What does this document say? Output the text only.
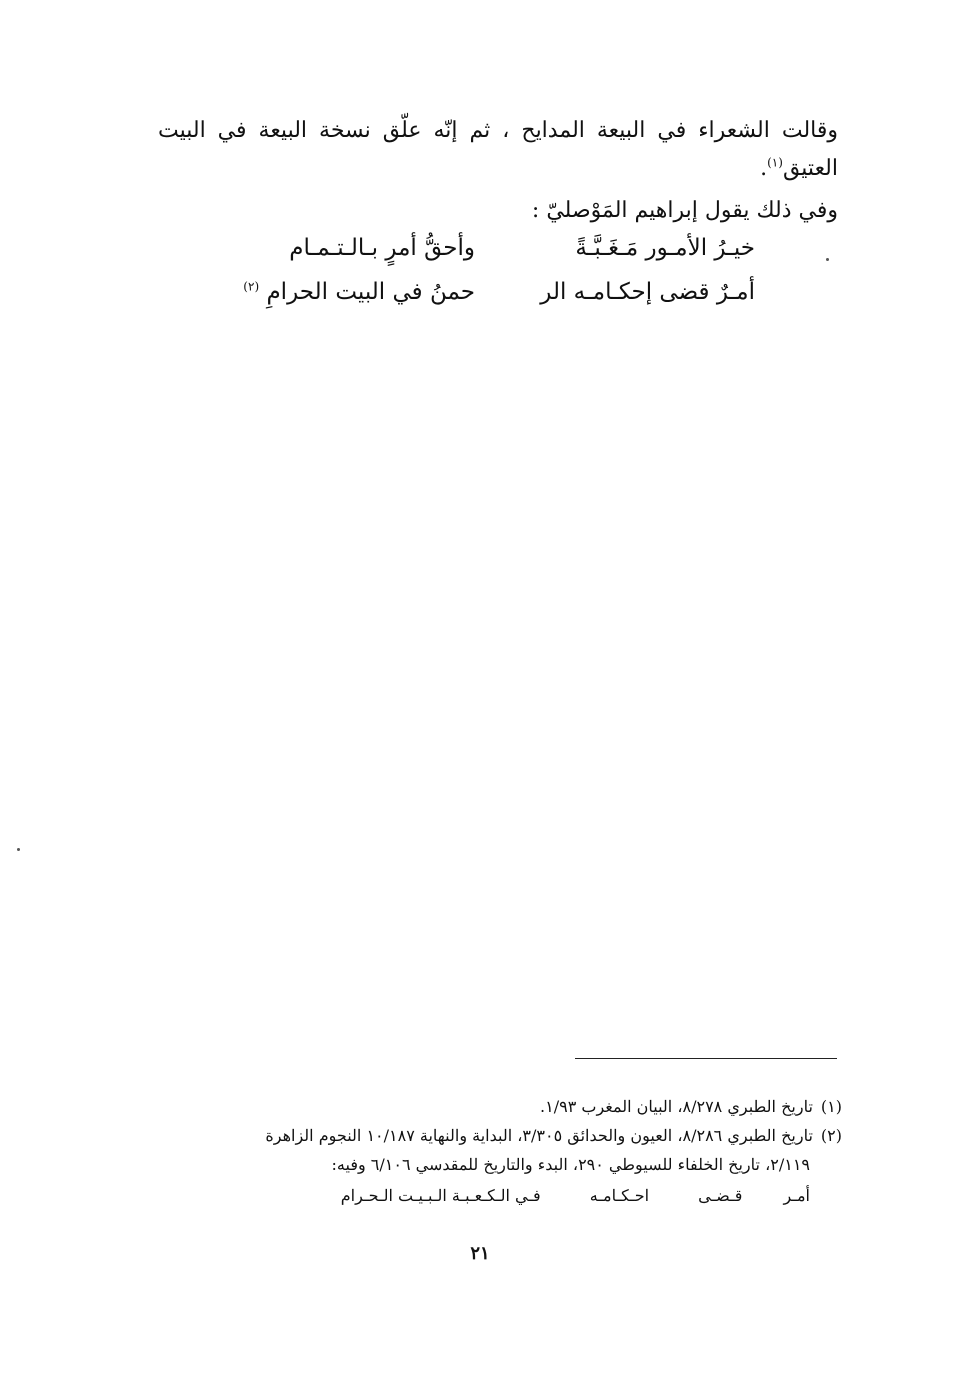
وقالت الشعراء في البيعة المدايح ، ثم إنّه علّق نسخة البيعة في البيت العتيق$^{(١)}$.
وفي ذلك يقول إبراهيم المَوْصليّ :
خيـرُ الأمـور مَـغَـبَّـةً
وأحقُّ أمرٍ بـالـتـمـام
أمـرٌ قضى إحكـامـه الر
حمنُ في البيت الحرامِ $^{(٢)}$
(١)تاريخ الطبري ٨/٢٧٨، البيان المغرب ١/٩٣.
(٢)تاريخ الطبري ٨/٢٨٦، العيون والحدائق ٣/٣٠٥، البداية والنهاية ١٠/١٨٧ النجوم الزاهرة
٢/١١٩، تاريخ الخلفاء للسيوطي ٢٩٠، البدء والتاريخ للمقدسي ٦/١٠٦ وفيه:
أمـر قـضـى احـكـامـه فـي الـكـعـبـة الـبـيـت الـحـرام
٢١
